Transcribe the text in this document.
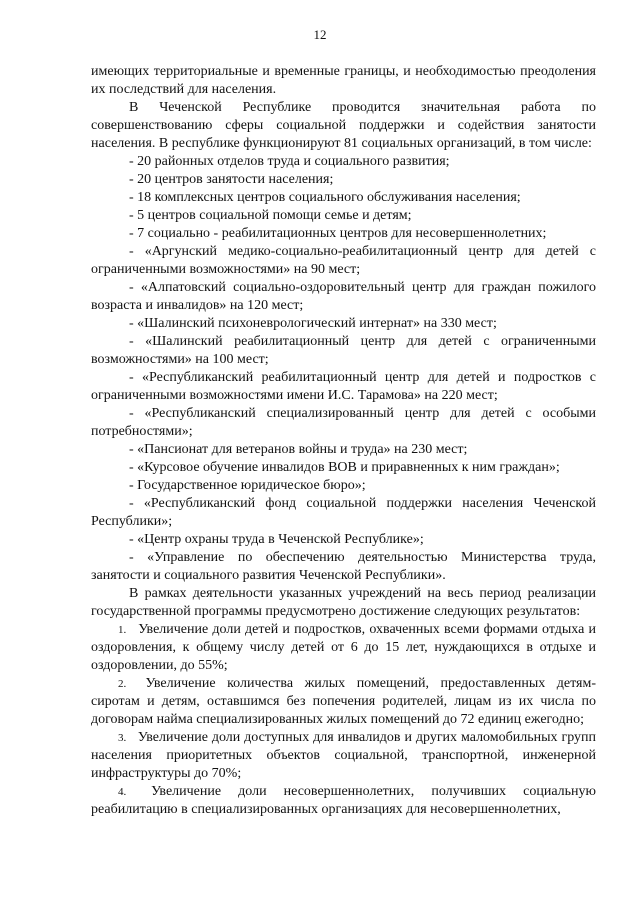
12

имеющих территориальные и временные границы, и необходимостью преодоления их последствий для населения.

В Чеченской Республике проводится значительная работа по совершенствованию сферы социальной поддержки и содействия занятости населения. В республике функционируют 81 социальных организаций, в том числе:

- 20 районных отделов труда и социального развития;

- 20 центров занятости населения;

- 18 комплексных центров социального обслуживания населения;

- 5 центров социальной помощи семье и детям;

- 7 социально - реабилитационных центров для несовершеннолетних;

- «Аргунский медико-социально-реабилитационный центр для детей с ограниченными возможностями» на 90 мест;

- «Алпатовский социально-оздоровительный центр для граждан пожилого возраста и инвалидов» на 120 мест;

- «Шалинский психоневрологический интернат» на 330 мест;

- «Шалинский реабилитационный центр для детей с ограниченными возможностями» на 100 мест;

- «Республиканский реабилитационный центр для детей и подростков с ограниченными возможностями имени И.С. Тарамова» на 220 мест;

- «Республиканский специализированный центр для детей с особыми потребностями»;

- «Пансионат для ветеранов войны и труда» на 230 мест;

- «Курсовое обучение инвалидов ВОВ и приравненных к ним граждан»;

- Государственное юридическое бюро»;

- «Республиканский фонд социальной поддержки населения Чеченской Республики»;

- «Центр охраны труда в Чеченской Республике»;

- «Управление по обеспечению деятельностью Министерства труда, занятости и социального развития Чеченской Республики».

В рамках деятельности указанных учреждений на весь период реализации государственной программы предусмотрено достижение следующих результатов:

1. Увеличение доли детей и подростков, охваченных всеми формами отдыха и оздоровления, к общему числу детей от 6 до 15 лет, нуждающихся в отдыхе и оздоровлении, до 55%;

2. Увеличение количества жилых помещений, предоставленных детям-сиротам и детям, оставшимся без попечения родителей, лицам из их числа по договорам найма специализированных жилых помещений до 72 единиц ежегодно;

3. Увеличение доли доступных для инвалидов и других маломобильных групп населения приоритетных объектов социальной, транспортной, инженерной инфраструктуры до 70%;

4. Увеличение доли несовершеннолетних, получивших социальную реабилитацию в специализированных организациях для несовершеннолетних,
